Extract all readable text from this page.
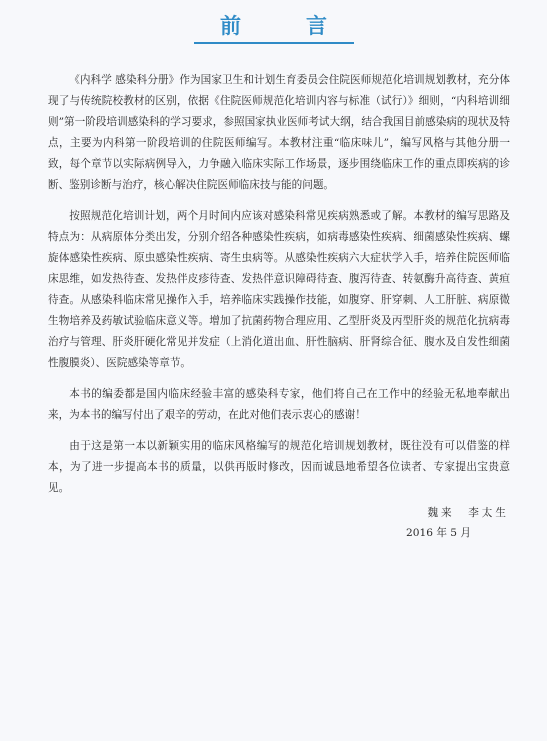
前　言

《内科学 感染科分册》作为国家卫生和计划生育委员会住院医师规范化培训规划教材，充分体现了与传统院校教材的区别，依据《住院医师规范化培训内容与标准（试行）》细则，“内科培训细则”第一阶段培训感染科的学习要求，参照国家执业医师考试大纲，结合我国目前感染病的现状及特点，主要为内科第一阶段培训的住院医师编写。本教材注重“临床味儿”，编写风格与其他分册一致，每个章节以实际病例导入，力争融入临床实际工作场景，逐步围绕临床工作的重点即疾病的诊断、鉴别诊断与治疗，核心解决住院医师临床技与能的问题。

按照规范化培训计划，两个月时间内应该对感染科常见疾病熟悉或了解。本教材的编写思路及特点为：从病原体分类出发，分别介绍各种感染性疾病，如病毒感染性疾病、细菌感染性疾病、螺旋体感染性疾病、原虫感染性疾病、寄生虫病等。从感染性疾病六大症状学入手，培养住院医师临床思维，如发热待查、发热伴皮疹待查、发热伴意识障碍待查、腹泻待查、转氨酶升高待查、黄疸待查。从感染科临床常见操作入手，培养临床实践操作技能，如腹穿、肝穿刺、人工肝脏、病原微生物培养及药敏试验临床意义等。增加了抗菌药物合理应用、乙型肝炎及丙型肝炎的规范化抗病毒治疗与管理、肝炎肝硬化常见并发症（上消化道出血、肝性脑病、肝肾综合征、腹水及自发性细菌性腹膜炎）、医院感染等章节。

本书的编委都是国内临床经验丰富的感染科专家，他们将自己在工作中的经验无私地奉献出来，为本书的编写付出了艰辛的劳动，在此对他们表示衷心的感谢！

由于这是第一本以新颖实用的临床风格编写的规范化培训规划教材，既往没有可以借鉴的样本，为了进一步提高本书的质量，以供再版时修改，因而诚恳地希望各位读者、专家提出宝贵意见。

魏来　李太生
2016 年 5 月
